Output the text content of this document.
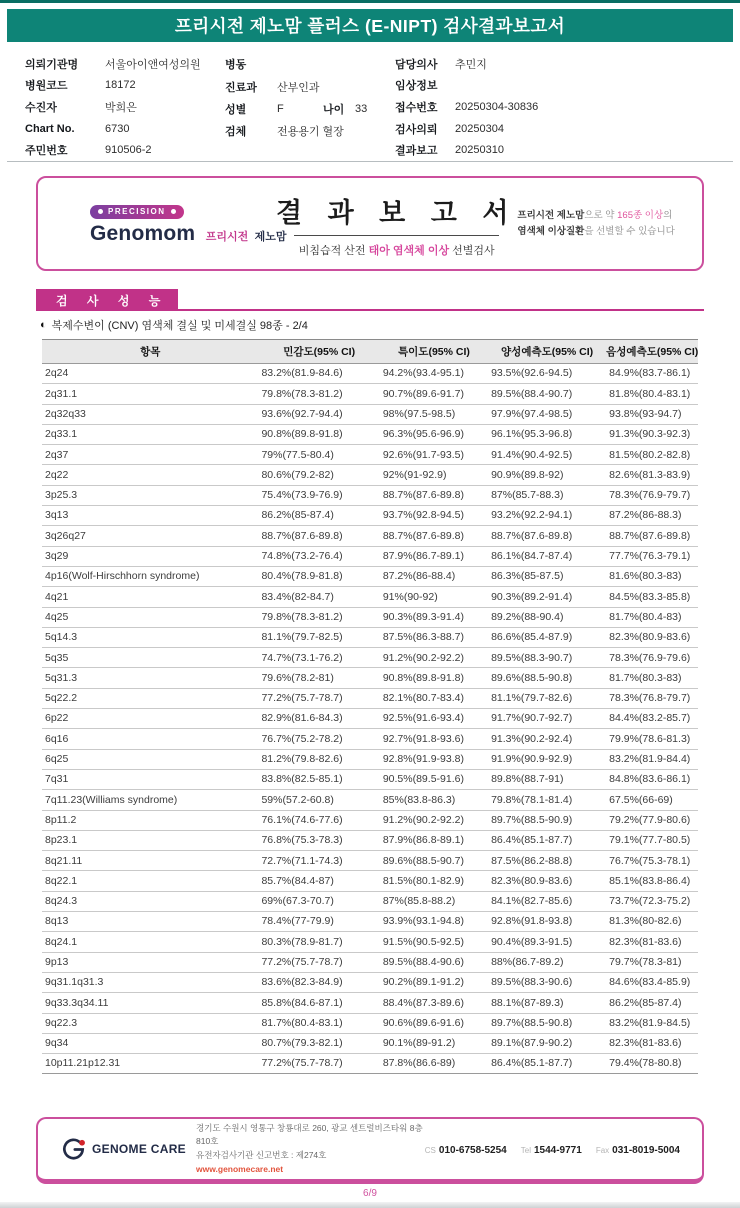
프리시전 제노맘 플러스 (E-NIPT) 검사결과보고서
의뢰기관명	서울아이앤여성의원
병원코드	18172
수진자	박희은
Chart No.	6730
주민번호	910506-2
병동
진료과	산부인과
성별	F	나이 33
검체	전용용기 혈장
담당의사	추민지
임상정보
접수번호	20250304-30836
검사의뢰	20250304
결과보고	20250310
PRECISION
Genomom 프리시전 제노맘
결 과 보 고 서
비침습적 산전 태아 염색체 이상 선별검사
프리시전 제노맘으로 약 165종 이상의
염색체 이상질환을 선별할 수 있습니다
검 사 성 능
◐ 복제수변이 (CNV) 염색체 결실 및 미세결실 98종 - 2/4
항목	민감도(95% CI)	특이도(95% CI)	양성예측도(95% CI)	음성예측도(95% CI)
2q24	83.2%(81.9-84.6)	94.2%(93.4-95.1)	93.5%(92.6-94.5)	84.9%(83.7-86.1)
2q31.1	79.8%(78.3-81.2)	90.7%(89.6-91.7)	89.5%(88.4-90.7)	81.8%(80.4-83.1)
2q32q33	93.6%(92.7-94.4)	98%(97.5-98.5)	97.9%(97.4-98.5)	93.8%(93-94.7)
2q33.1	90.8%(89.8-91.8)	96.3%(95.6-96.9)	96.1%(95.3-96.8)	91.3%(90.3-92.3)
2q37	79%(77.5-80.4)	92.6%(91.7-93.5)	91.4%(90.4-92.5)	81.5%(80.2-82.8)
2q22	80.6%(79.2-82)	92%(91-92.9)	90.9%(89.8-92)	82.6%(81.3-83.9)
3p25.3	75.4%(73.9-76.9)	88.7%(87.6-89.8)	87%(85.7-88.3)	78.3%(76.9-79.7)
3q13	86.2%(85-87.4)	93.7%(92.8-94.5)	93.2%(92.2-94.1)	87.2%(86-88.3)
3q26q27	88.7%(87.6-89.8)	88.7%(87.6-89.8)	88.7%(87.6-89.8)	88.7%(87.6-89.8)
3q29	74.8%(73.2-76.4)	87.9%(86.7-89.1)	86.1%(84.7-87.4)	77.7%(76.3-79.1)
4p16(Wolf-Hirschhorn syndrome)	80.4%(78.9-81.8)	87.2%(86-88.4)	86.3%(85-87.5)	81.6%(80.3-83)
4q21	83.4%(82-84.7)	91%(90-92)	90.3%(89.2-91.4)	84.5%(83.3-85.8)
4q25	79.8%(78.3-81.2)	90.3%(89.3-91.4)	89.2%(88-90.4)	81.7%(80.4-83)
5q14.3	81.1%(79.7-82.5)	87.5%(86.3-88.7)	86.6%(85.4-87.9)	82.3%(80.9-83.6)
5q35	74.7%(73.1-76.2)	91.2%(90.2-92.2)	89.5%(88.3-90.7)	78.3%(76.9-79.6)
5q31.3	79.6%(78.2-81)	90.8%(89.8-91.8)	89.6%(88.5-90.8)	81.7%(80.3-83)
5q22.2	77.2%(75.7-78.7)	82.1%(80.7-83.4)	81.1%(79.7-82.6)	78.3%(76.8-79.7)
6p22	82.9%(81.6-84.3)	92.5%(91.6-93.4)	91.7%(90.7-92.7)	84.4%(83.2-85.7)
6q16	76.7%(75.2-78.2)	92.7%(91.8-93.6)	91.3%(90.2-92.4)	79.9%(78.6-81.3)
6q25	81.2%(79.8-82.6)	92.8%(91.9-93.8)	91.9%(90.9-92.9)	83.2%(81.9-84.4)
7q31	83.8%(82.5-85.1)	90.5%(89.5-91.6)	89.8%(88.7-91)	84.8%(83.6-86.1)
7q11.23(Williams syndrome)	59%(57.2-60.8)	85%(83.8-86.3)	79.8%(78.1-81.4)	67.5%(66-69)
8p11.2	76.1%(74.6-77.6)	91.2%(90.2-92.2)	89.7%(88.5-90.9)	79.2%(77.9-80.6)
8p23.1	76.8%(75.3-78.3)	87.9%(86.8-89.1)	86.4%(85.1-87.7)	79.1%(77.7-80.5)
8q21.11	72.7%(71.1-74.3)	89.6%(88.5-90.7)	87.5%(86.2-88.8)	76.7%(75.3-78.1)
8q22.1	85.7%(84.4-87)	81.5%(80.1-82.9)	82.3%(80.9-83.6)	85.1%(83.8-86.4)
8q24.3	69%(67.3-70.7)	87%(85.8-88.2)	84.1%(82.7-85.6)	73.7%(72.3-75.2)
8q13	78.4%(77-79.9)	93.9%(93.1-94.8)	92.8%(91.8-93.8)	81.3%(80-82.6)
8q24.1	80.3%(78.9-81.7)	91.5%(90.5-92.5)	90.4%(89.3-91.5)	82.3%(81-83.6)
9p13	77.2%(75.7-78.7)	89.5%(88.4-90.6)	88%(86.7-89.2)	79.7%(78.3-81)
9q31.1q31.3	83.6%(82.3-84.9)	90.2%(89.1-91.2)	89.5%(88.3-90.6)	84.6%(83.4-85.9)
9q33.3q34.11	85.8%(84.6-87.1)	88.4%(87.3-89.6)	88.1%(87-89.3)	86.2%(85-87.4)
9q22.3	81.7%(80.4-83.1)	90.6%(89.6-91.6)	89.7%(88.5-90.8)	83.2%(81.9-84.5)
9q34	80.7%(79.3-82.1)	90.1%(89-91.2)	89.1%(87.9-90.2)	82.3%(81-83.6)
10p11.21p12.31	77.2%(75.7-78.7)	87.8%(86.6-89)	86.4%(85.1-87.7)	79.4%(78-80.8)
GENOME CARE
경기도 수원시 영통구 창룡대로 260, 광교 센트럴비즈타워 8층 810호
유전자검사기관 신고번호 : 제274호
www.genomecare.net
CS 010-6758-5254 Tel 1544-9771 Fax 031-8019-5004
6/9
